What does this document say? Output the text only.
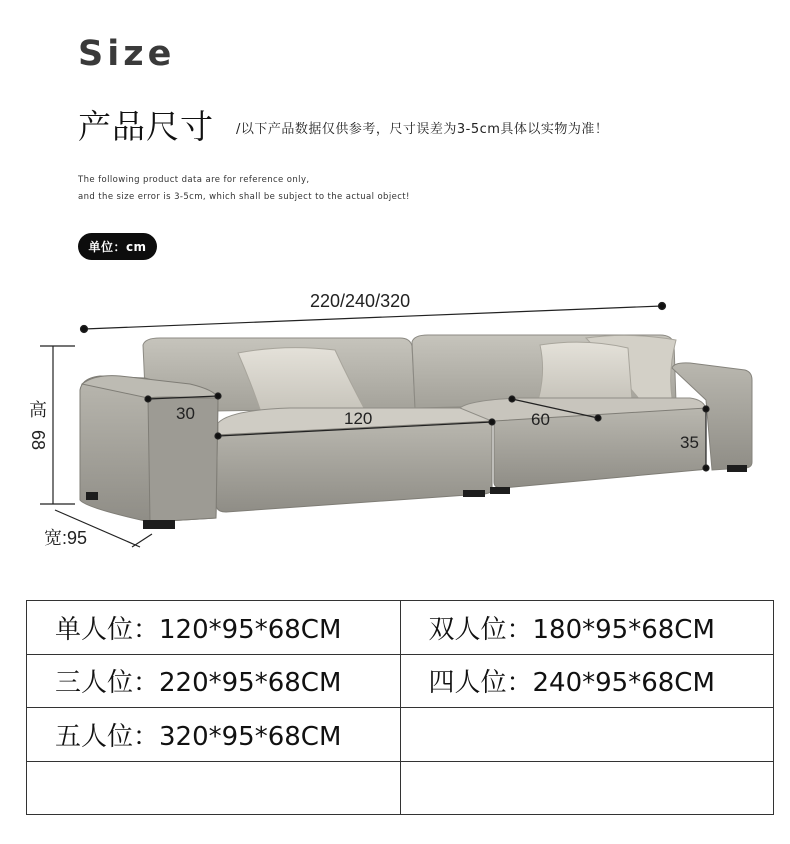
Size
产品尺寸 /以下产品数据仅供参考，尺寸误差为3-5cm具体以实物为准！
The following product data are for reference only,
and the size error is 3-5cm, which shall be subject to the actual object!
单位：cm
220/240/320
高
68
宽:95
30	120	60
35
单人位：120*95*68CM	双人位：180*95*68CM
三人位：220*95*68CM	四人位：240*95*68CM
五人位：320*95*68CM	
